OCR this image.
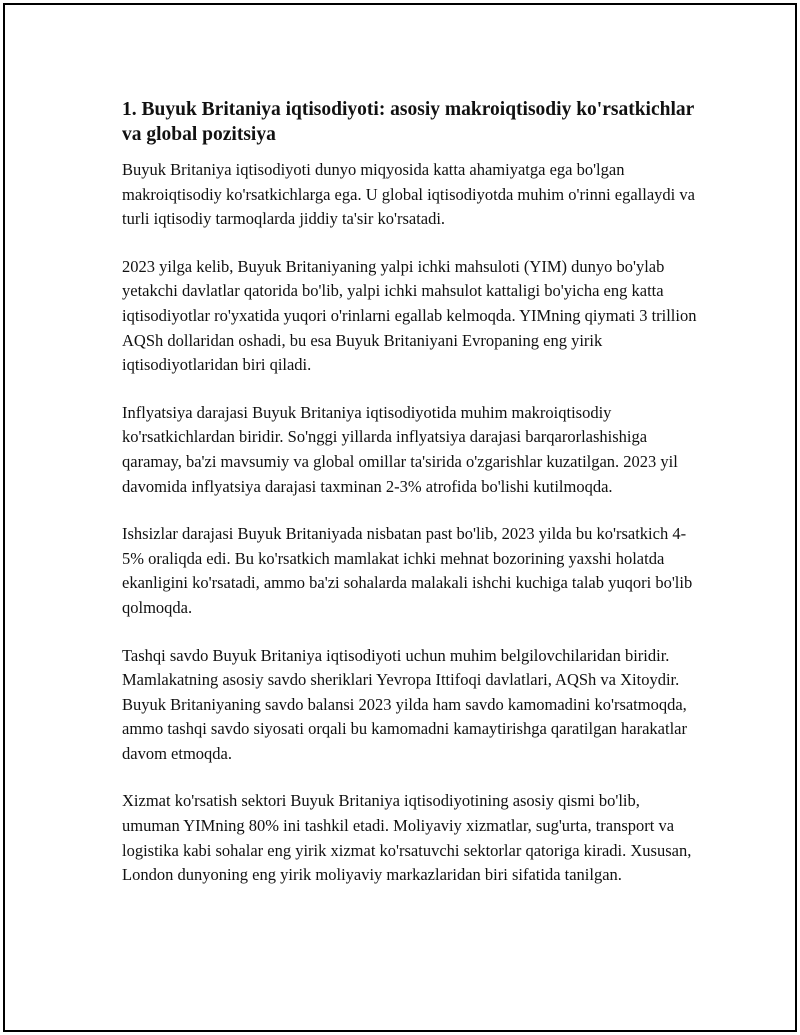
1. Buyuk Britaniya iqtisodiyoti: asosiy makroiqtisodiy ko'rsatkichlar va global pozitsiya

Buyuk Britaniya iqtisodiyoti dunyo miqyosida katta ahamiyatga ega bo'lgan makroiqtisodiy ko'rsatkichlarga ega. U global iqtisodiyotda muhim o'rinni egallaydi va turli iqtisodiy tarmoqlarda jiddiy ta'sir ko'rsatadi.

2023 yilga kelib, Buyuk Britaniyaning yalpi ichki mahsuloti (YIM) dunyo bo'ylab yetakchi davlatlar qatorida bo'lib, yalpi ichki mahsulot kattaligi bo'yicha eng katta iqtisodiyotlar ro'yxatida yuqori o'rinlarni egallab kelmoqda. YIMning qiymati 3 trillion AQSh dollaridan oshadi, bu esa Buyuk Britaniyani Evropaning eng yirik iqtisodiyotlaridan biri qiladi.

Inflyatsiya darajasi Buyuk Britaniya iqtisodiyotida muhim makroiqtisodiy ko'rsatkichlardan biridir. So'nggi yillarda inflyatsiya darajasi barqarorlashishiga qaramay, ba'zi mavsumiy va global omillar ta'sirida o'zgarishlar kuzatilgan. 2023 yil davomida inflyatsiya darajasi taxminan 2-3% atrofida bo'lishi kutilmoqda.

Ishsizlar darajasi Buyuk Britaniyada nisbatan past bo'lib, 2023 yilda bu ko'rsatkich 4-5% oraliqda edi. Bu ko'rsatkich mamlakat ichki mehnat bozorining yaxshi holatda ekanligini ko'rsatadi, ammo ba'zi sohalarda malakali ishchi kuchiga talab yuqori bo'lib qolmoqda.

Tashqi savdo Buyuk Britaniya iqtisodiyoti uchun muhim belgilovchilaridan biridir. Mamlakatning asosiy savdo sheriklari Yevropa Ittifoqi davlatlari, AQSh va Xitoydir. Buyuk Britaniyaning savdo balansi 2023 yilda ham savdo kamomadini ko'rsatmoqda, ammo tashqi savdo siyosati orqali bu kamomadni kamaytirishga qaratilgan harakatlar davom etmoqda.

Xizmat ko'rsatish sektori Buyuk Britaniya iqtisodiyotining asosiy qismi bo'lib, umuman YIMning 80% ini tashkil etadi. Moliyaviy xizmatlar, sug'urta, transport va logistika kabi sohalar eng yirik xizmat ko'rsatuvchi sektorlar qatoriga kiradi. Xususan, London dunyoning eng yirik moliyaviy markazlaridan biri sifatida tanilgan.
